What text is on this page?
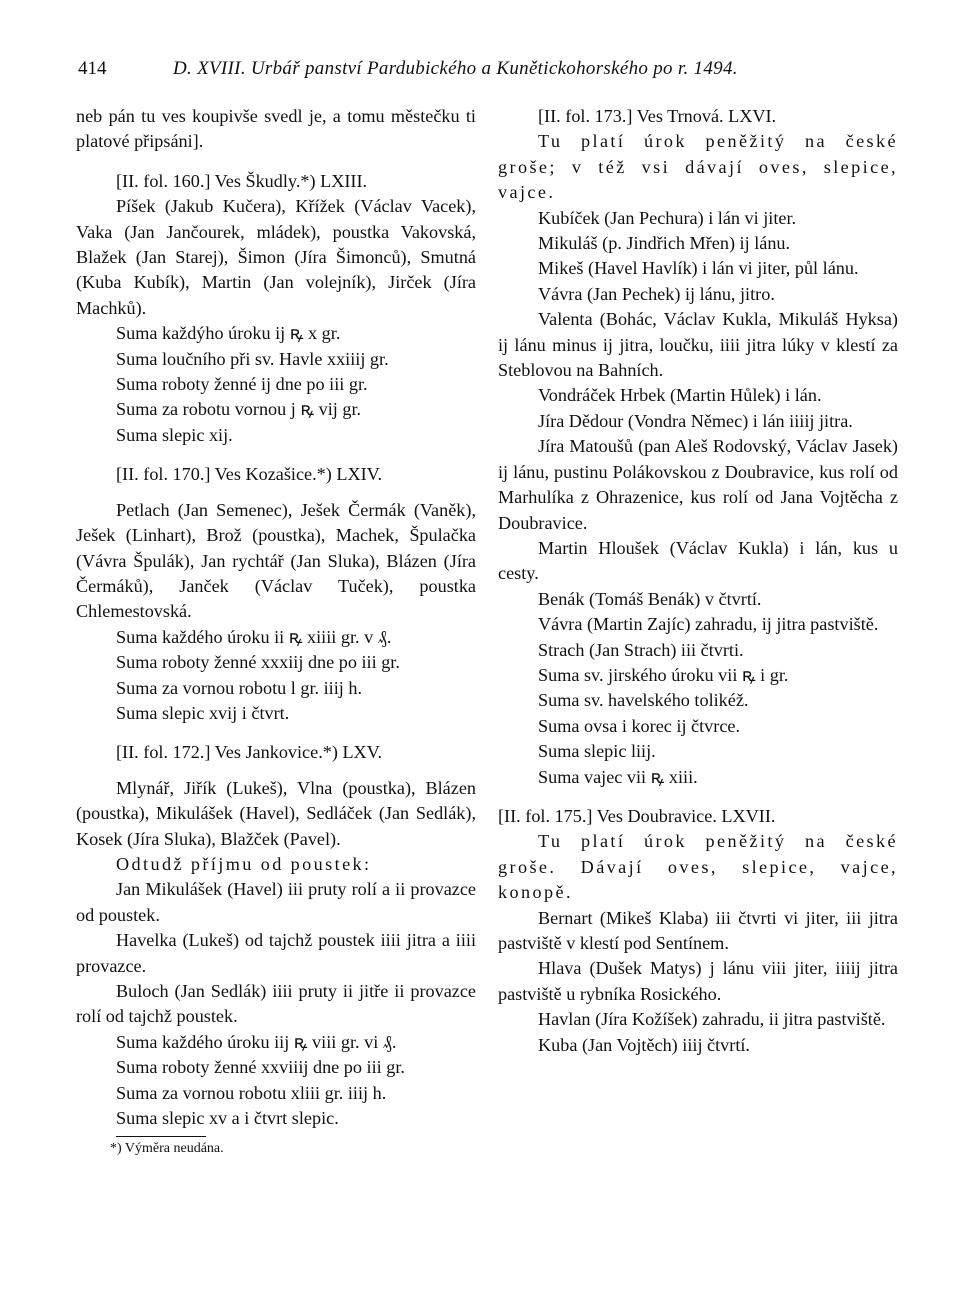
414	D. XVIII. Urbář panství Pardubického a Kunětickohorského po r. 1494.

neb pán tu ves koupivše svedl je, a tomu městečku ti platové připsáni].

[II. fol. 160.] Ves Škudly.*) LXIII.

Píšek (Jakub Kučera), Křížek (Václav Vacek), Vaka (Jan Jančourek, mládek), poustka Vakovská, Blažek (Jan Starej), Šimon (Jíra Šimonců), Smutná (Kuba Kubík), Martin (Jan volejník), Jirček (Jíra Machků).

Suma každýho úroku ij ꝶ x gr.

Suma loučního při sv. Havle xxiiij gr.

Suma roboty ženné ij dne po iii gr.

Suma za robotu vornou j ꝶ vij gr.

Suma slepic xij.

[II. fol. 170.] Ves Kozašice.*) LXIV.

Petlach (Jan Semenec), Ješek Čermák (Vaněk), Ješek (Linhart), Brož (poustka), Machek, Špulačka (Vávra Špulák), Jan rychtář (Jan Sluka), Blázen (Jíra Čermáků), Janček (Václav Tuček), poustka Chlemestovská.

Suma každého úroku ii ꝶ xiiii gr. v ₰.

Suma roboty ženné xxxiij dne po iii gr.

Suma za vornou robotu l gr. iiij h.

Suma slepic xvij i čtvrt.

[II. fol. 172.] Ves Jankovice.*) LXV.

Mlynář, Jiřík (Lukeš), Vlna (poustka), Blázen (poustka), Mikulášek (Havel), Sedláček (Jan Sedlák), Kosek (Jíra Sluka), Blažček (Pavel).

Odtudž příjmu od poustek:

Jan Mikulášek (Havel) iii pruty rolí a ii provazce od poustek.

Havelka (Lukeš) od tajchž poustek iiii jitra a iiii provazce.

Buloch (Jan Sedlák) iiii pruty ii jitře ii provazce rolí od tajchž poustek.

Suma každého úroku iij ꝶ viii gr. vi ₰.

Suma roboty ženné xxviiij dne po iii gr.

Suma za vornou robotu xliii gr. iiij h.

Suma slepic xv a i čtvrt slepic.

*) Výměra neudána.

[II. fol. 173.] Ves Trnová. LXVI.

Tu platí úrok peněžitý na české groše; v též vsi dávají oves, slepice, vajce.

Kubíček (Jan Pechura) i lán vi jiter.

Mikuláš (p. Jindřich Mřen) ij lánu.

Mikeš (Havel Havlík) i lán vi jiter, půl lánu.

Vávra (Jan Pechek) ij lánu, jitro.

Valenta (Bohác, Václav Kukla, Mikuláš Hyksa) ij lánu minus ij jitra, loučku, iiii jitra lúky v klestí za Steblovou na Bahních.

Vondráček Hrbek (Martin Hůlek) i lán.

Jíra Dědour (Vondra Němec) i lán iiiij jitra.

Jíra Matoušů (pan Aleš Rodovský, Václav Jasek) ij lánu, pustinu Polákovskou z Doubravice, kus rolí od Marhulíka z Ohrazenice, kus rolí od Jana Vojtěcha z Doubravice.

Martin Hloušek (Václav Kukla) i lán, kus u cesty.

Benák (Tomáš Benák) v čtvrtí.

Vávra (Martin Zajíc) zahradu, ij jitra pastviště.

Strach (Jan Strach) iii čtvrti.

Suma sv. jirského úroku vii ꝶ i gr.

Suma sv. havelského tolikéž.

Suma ovsa i korec ij čtvrce.

Suma slepic liij.

Suma vajec vii ꝶ xiii.

[II. fol. 175.] Ves Doubravice. LXVII.

Tu platí úrok peněžitý na české groše. Dávají oves, slepice, vajce, konopě.

Bernart (Mikeš Klaba) iii čtvrti vi jiter, iii jitra pastviště v klestí pod Sentínem.

Hlava (Dušek Matys) j lánu viii jiter, iiiij jitra pastviště u rybníka Rosického.

Havlan (Jíra Kožíšek) zahradu, ii jitra pastviště.

Kuba (Jan Vojtěch) iiij čtvrtí.
